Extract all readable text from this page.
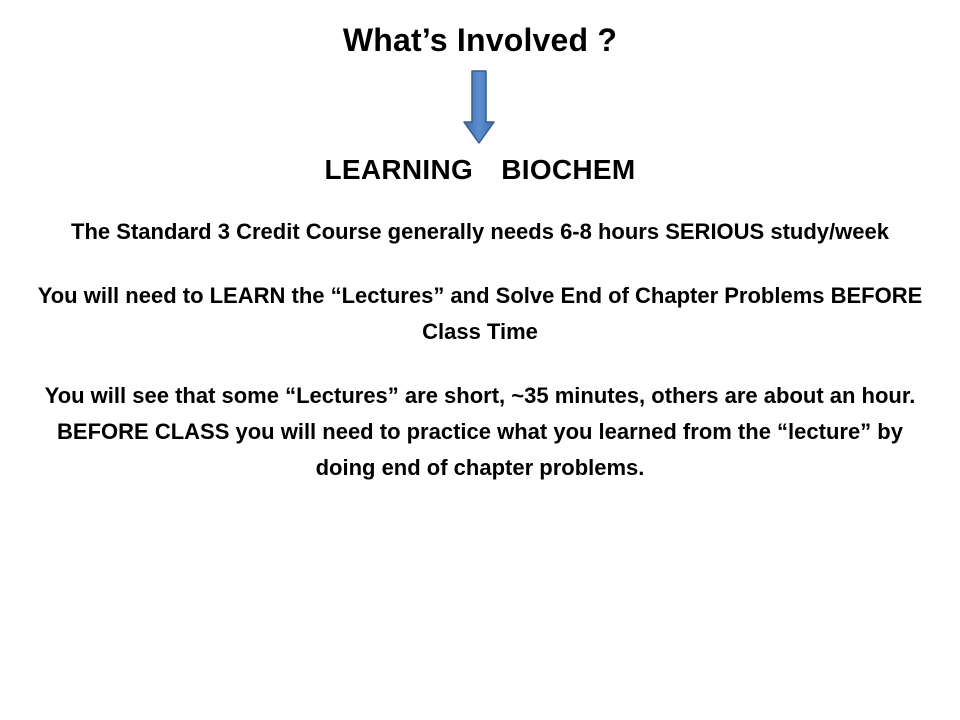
What’s Involved ?
LEARNING  BIOCHEM

The Standard 3 Credit Course generally needs 6-8 hours SERIOUS study/week

You will need to LEARN the “Lectures” and Solve End of Chapter Problems BEFORE Class Time

You will see that some “Lectures” are short, ~35 minutes, others are about an hour. BEFORE CLASS you will need to practice what you learned from the “lecture” by doing end of chapter problems.
